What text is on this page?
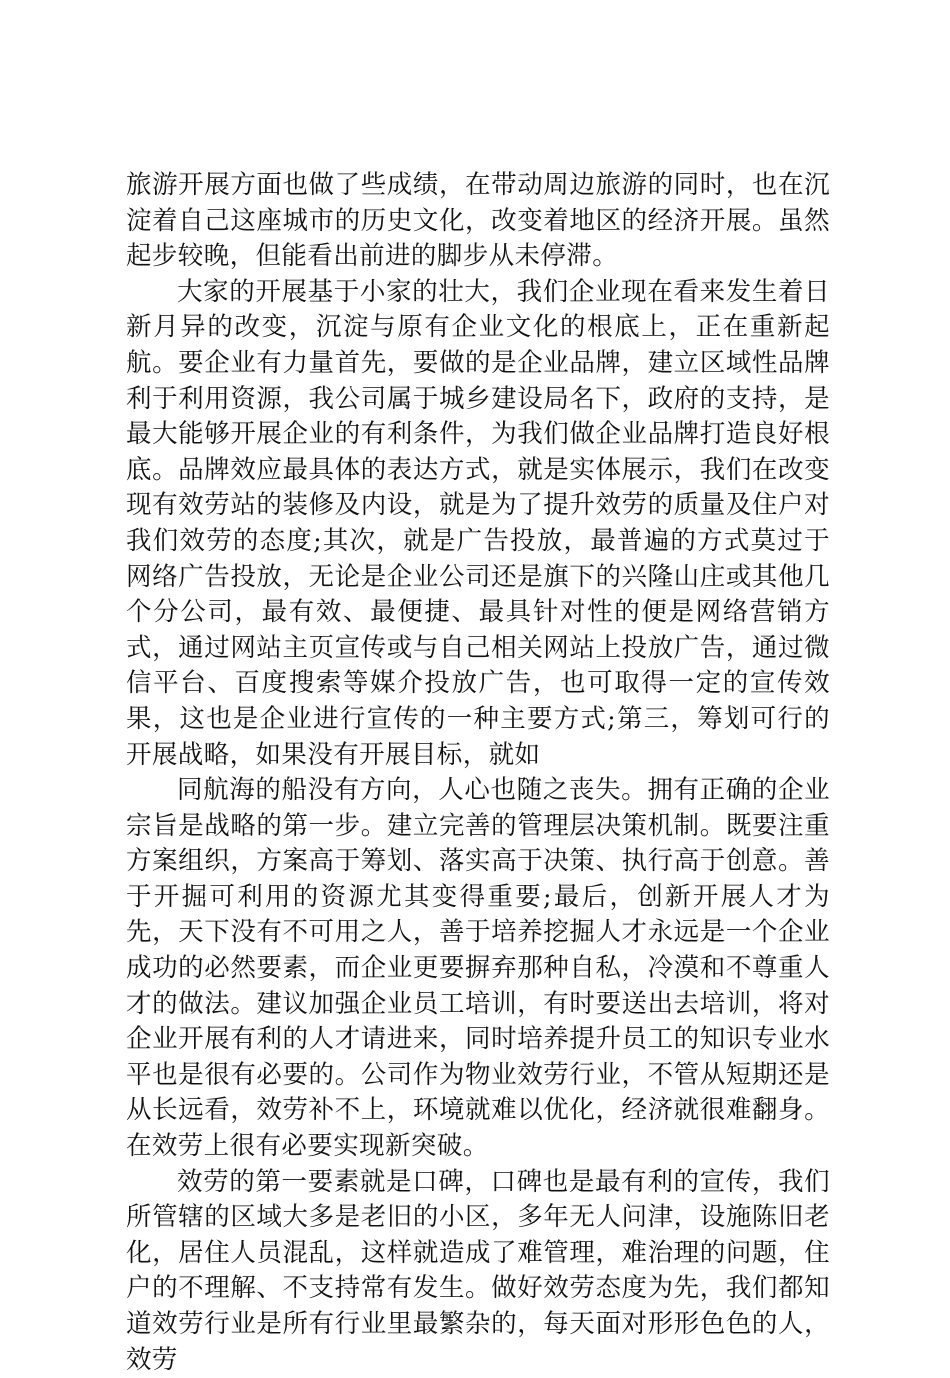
旅游开展方面也做了些成绩，在带动周边旅游的同时，也在沉淀着自己这座城市的历史文化，改变着地区的经济开展。虽然起步较晚，但能看出前进的脚步从未停滞。

大家的开展基于小家的壮大，我们企业现在看来发生着日新月异的改变，沉淀与原有企业文化的根底上，正在重新起航。要企业有力量首先，要做的是企业品牌，建立区域性品牌利于利用资源，我公司属于城乡建设局名下，政府的支持，是最大能够开展企业的有利条件，为我们做企业品牌打造良好根底。品牌效应最具体的表达方式，就是实体展示，我们在改变现有效劳站的装修及内设，就是为了提升效劳的质量及住户对我们效劳的态度;其次，就是广告投放，最普遍的方式莫过于网络广告投放，无论是企业公司还是旗下的兴隆山庄或其他几个分公司，最有效、最便捷、最具针对性的便是网络营销方式，通过网站主页宣传或与自己相关网站上投放广告，通过微信平台、百度搜索等媒介投放广告，也可取得一定的宣传效果，这也是企业进行宣传的一种主要方式;第三，筹划可行的开展战略，如果没有开展目标，就如

同航海的船没有方向，人心也随之丧失。拥有正确的企业宗旨是战略的第一步。建立完善的管理层决策机制。既要注重方案组织，方案高于筹划、落实高于决策、执行高于创意。善于开掘可利用的资源尤其变得重要;最后，创新开展人才为先，天下没有不可用之人，善于培养挖掘人才永远是一个企业成功的必然要素，而企业更要摒弃那种自私，冷漠和不尊重人才的做法。建议加强企业员工培训，有时要送出去培训，将对企业开展有利的人才请进来，同时培养提升员工的知识专业水平也是很有必要的。公司作为物业效劳行业，不管从短期还是从长远看，效劳补不上，环境就难以优化，经济就很难翻身。在效劳上很有必要实现新突破。

效劳的第一要素就是口碑，口碑也是最有利的宣传，我们所管辖的区域大多是老旧的小区，多年无人问津，设施陈旧老化，居住人员混乱，这样就造成了难管理，难治理的问题，住户的不理解、不支持常有发生。做好效劳态度为先，我们都知道效劳行业是所有行业里最繁杂的，每天面对形形色色的人，效劳
